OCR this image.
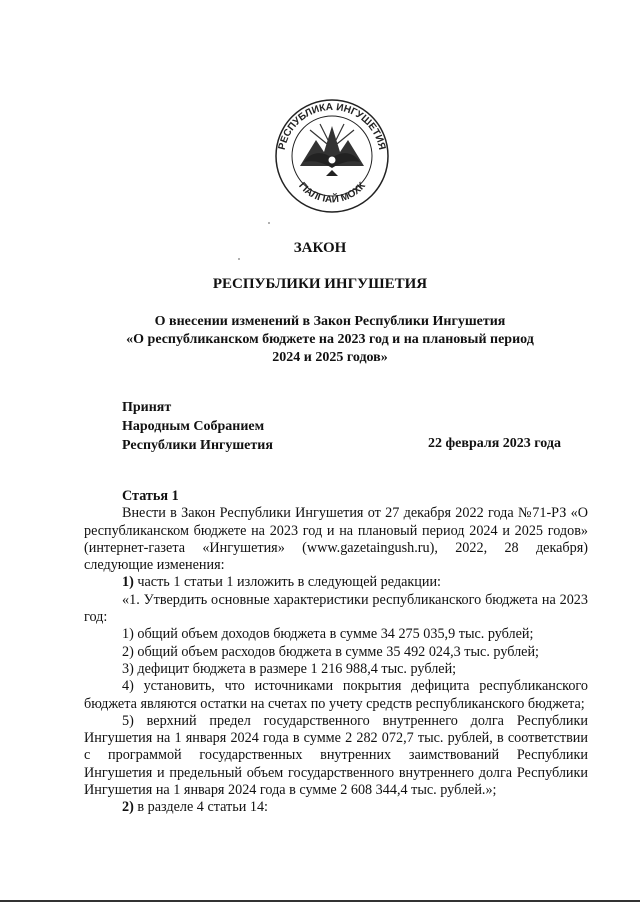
РЕСПУБЛИКА ИНГУШЕТИЯ
ГIАЛГIАЙ МОХК
ЗАКОН
РЕСПУБЛИКИ ИНГУШЕТИЯ
О внесении изменений в Закон Республики Ингушетия
«О республиканском бюджете на 2023 год и на плановый период
2024 и 2025 годов»
Принят
Народным Собранием
Республики Ингушетия	22 февраля 2023 года
Статья 1
Внести в Закон Республики Ингушетия от 27 декабря 2022 года №71-РЗ «О республиканском бюджете на 2023 год и на плановый период 2024 и 2025 годов» (интернет-газета «Ингушетия» (www.gazetaingush.ru), 2022, 28 декабря) следующие изменения:
1) часть 1 статьи 1 изложить в следующей редакции:
«1. Утвердить основные характеристики республиканского бюджета на 2023 год:
1) общий объем доходов бюджета в сумме 34 275 035,9 тыс. рублей;
2) общий объем расходов бюджета в сумме 35 492 024,3 тыс. рублей;
3) дефицит бюджета в размере 1 216 988,4 тыс. рублей;
4) установить, что источниками покрытия дефицита республиканского бюджета являются остатки на счетах по учету средств республиканского бюджета;
5) верхний предел государственного внутреннего долга Республики Ингушетия на 1 января 2024 года в сумме 2 282 072,7 тыс. рублей, в соответствии с программой государственных внутренних заимствований Республики Ингушетия и предельный объем государственного внутреннего долга Республики Ингушетия на 1 января 2024 года в сумме 2 608 344,4 тыс. рублей.»;
2) в разделе 4 статьи 14:
